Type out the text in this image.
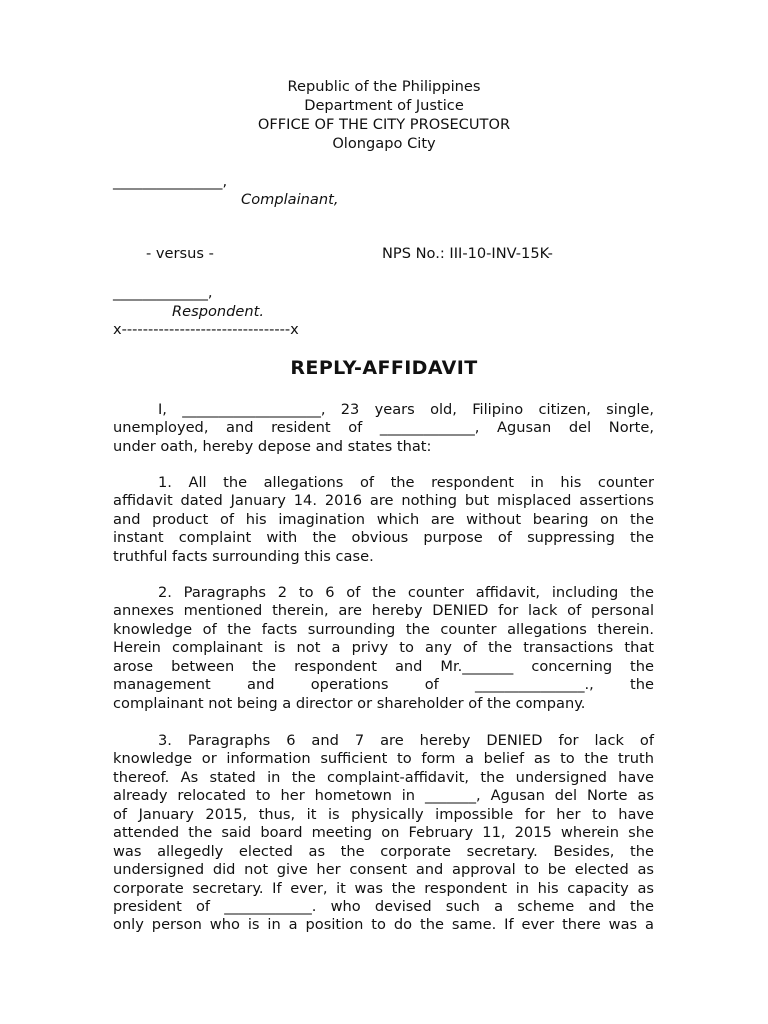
Republic of the Philippines
Department of Justice
OFFICE OF THE CITY PROSECUTOR
Olongapo City
_______________,
Complainant,
- versus -	NPS No.: III-10-INV-15K-
_____________,
Respondent.
x--------------------------------x
REPLY-AFFIDAVIT
I, ___________________, 23 years old, Filipino citizen, single,
unemployed, and resident of _____________, Agusan del Norte,
under oath, hereby depose and states that:
1. All the allegations of the respondent in his counter
affidavit dated January 14. 2016 are nothing but misplaced assertions
and product of his imagination which are without bearing on the
instant complaint with the obvious purpose of suppressing the
truthful facts surrounding this case.
2. Paragraphs 2 to 6 of the counter affidavit, including the
annexes mentioned therein, are hereby DENIED for lack of personal
knowledge of the facts surrounding the counter allegations therein.
Herein complainant is not a privy to any of the transactions that
arose between the respondent and Mr._______ concerning the
management and operations of _______________., the
complainant not being a director or shareholder of the company.
3. Paragraphs 6 and 7 are hereby DENIED for lack of
knowledge or information sufficient to form a belief as to the truth
thereof. As stated in the complaint-affidavit, the undersigned have
already relocated to her hometown in _______, Agusan del Norte as
of January 2015, thus, it is physically impossible for her to have
attended the said board meeting on February 11, 2015 wherein she
was allegedly elected as the corporate secretary. Besides, the
undersigned did not give her consent and approval to be elected as
corporate secretary. If ever, it was the respondent in his capacity as
president of ____________. who devised such a scheme and the
only person who is in a position to do the same. If ever there was a
